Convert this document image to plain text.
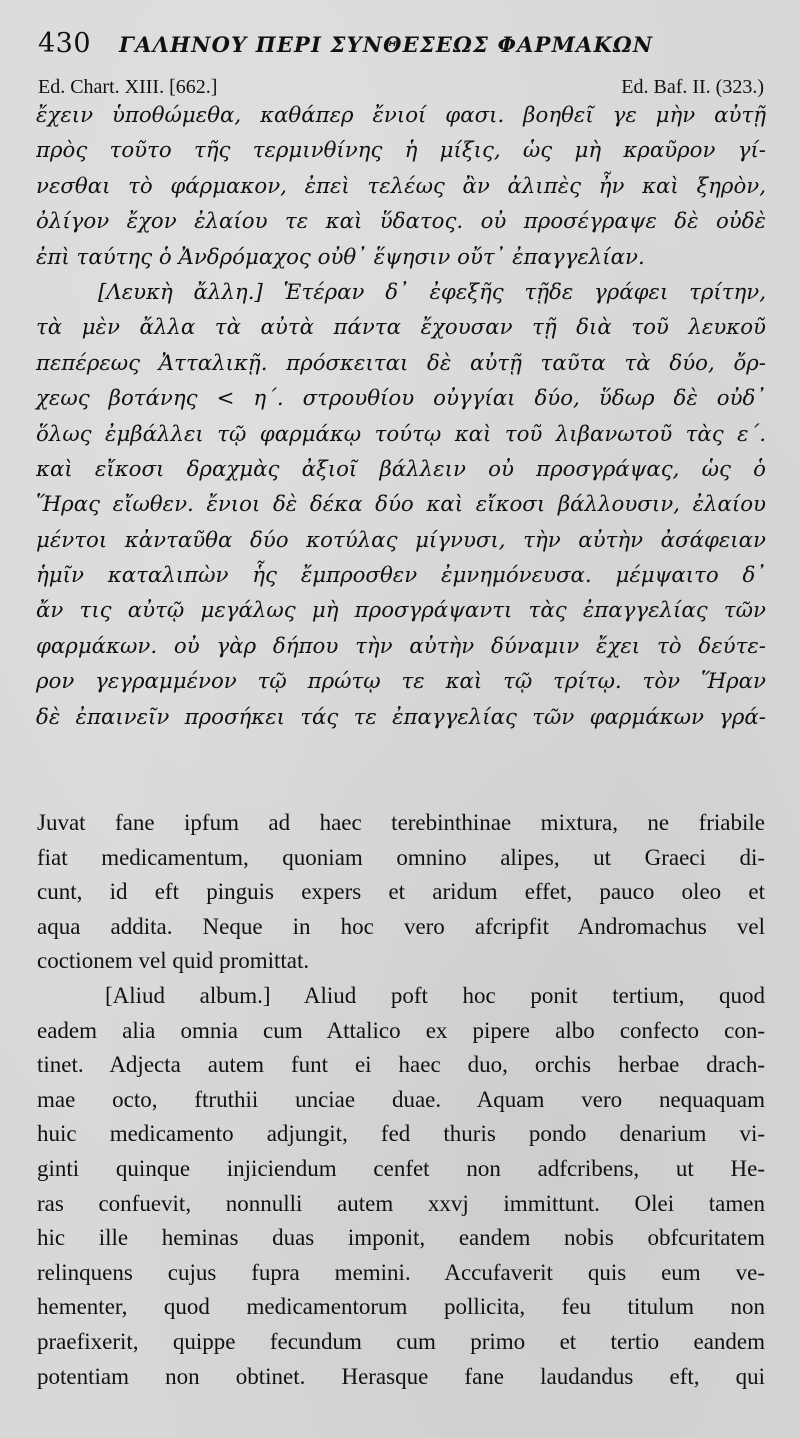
430 ΓΑΛΗΝΟΥ ΠΕΡΙ ΣΥΝΘΕΣΕΩΣ ΦΑΡΜΑΚΩΝ
Ed. Chart. XIII. [662.]	Ed. Baf. II. (323.)
ἔχειν ὑποθώμεθα, καθάπερ ἔνιοί φασι. βοηθεῖ γε μὴν αὐτῇ
πρὸς τοῦτο τῆς τερμινθίνης ἡ μίξις, ὡς μὴ κραῦρον γί-
νεσθαι τὸ φάρμακον, ἐπεὶ τελέως ἂν ἀλιπὲς ἦν καὶ ξηρὸν,
ὀλίγον ἔχον ἐλαίου τε καὶ ὕδατος. οὐ προσέγραψε δὲ οὐδὲ
ἐπὶ ταύτης ὁ Ἀνδρόμαχος οὐθ᾽ ἕψησιν οὔτ᾽ ἐπαγγελίαν.
[Λευκὴ ἄλλη.] Ἑτέραν δ᾽ ἐφεξῆς τῇδε γράφει τρίτην,
τὰ μὲν ἄλλα τὰ αὐτὰ πάντα ἔχουσαν τῇ διὰ τοῦ λευκοῦ
πεπέρεως Ἀτταλικῇ. πρόσκειται δὲ αὐτῇ ταῦτα τὰ δύο, ὄρ-
χεως βοτάνης < η΄. στρουθίου οὐγγίαι δύο, ὕδωρ δὲ οὐδ᾽
ὅλως ἐμβάλλει τῷ φαρμάκῳ τούτῳ καὶ τοῦ λιβανωτοῦ τὰς ε΄.
καὶ εἴκοσι δραχμὰς ἀξιοῖ βάλλειν οὐ προσγράψας, ὡς ὁ
Ἥρας εἴωθεν. ἔνιοι δὲ δέκα δύο καὶ εἴκοσι βάλλουσιν, ἐλαίου
μέντοι κἀνταῦθα δύο κοτύλας μίγνυσι, τὴν αὐτὴν ἀσάφειαν
ἡμῖν καταλιπὼν ἧς ἔμπροσθεν ἐμνημόνευσα. μέμψαιτο δ᾽
ἄν τις αὐτῷ μεγάλως μὴ προσγράψαντι τὰς ἐπαγγελίας τῶν
φαρμάκων. οὐ γὰρ δήπου τὴν αὐτὴν δύναμιν ἔχει τὸ δεύτε-
ρον γεγραμμένον τῷ πρώτῳ τε καὶ τῷ τρίτῳ. τὸν Ἥραν
δὲ ἐπαινεῖν προσήκει τάς τε ἐπαγγελίας τῶν φαρμάκων γρά-
Juvat fane ipfum ad haec terebinthinae mixtura, ne friabile
fiat medicamentum, quoniam omnino alipes, ut Graeci di-
cunt, id eft pinguis expers et aridum effet, pauco oleo et
aqua addita. Neque in hoc vero afcripfit Andromachus vel
coctionem vel quid promittat.
[Aliud album.] Aliud poft hoc ponit tertium, quod
eadem alia omnia cum Attalico ex pipere albo confecto con-
tinet. Adjecta autem funt ei haec duo, orchis herbae drach-
mae octo, ftruthii unciae duae. Aquam vero nequaquam
huic medicamento adjungit, fed thuris pondo denarium vi-
ginti quinque injiciendum cenfet non adfcribens, ut He-
ras confuevit, nonnulli autem xxvj immittunt. Olei tamen
hic ille heminas duas imponit, eandem nobis obfcuritatem
relinquens cujus fupra memini. Accufaverit quis eum ve-
hementer, quod medicamentorum pollicita, feu titulum non
praefixerit, quippe fecundum cum primo et tertio eandem
potentiam non obtinet. Herasque fane laudandus eft, qui
